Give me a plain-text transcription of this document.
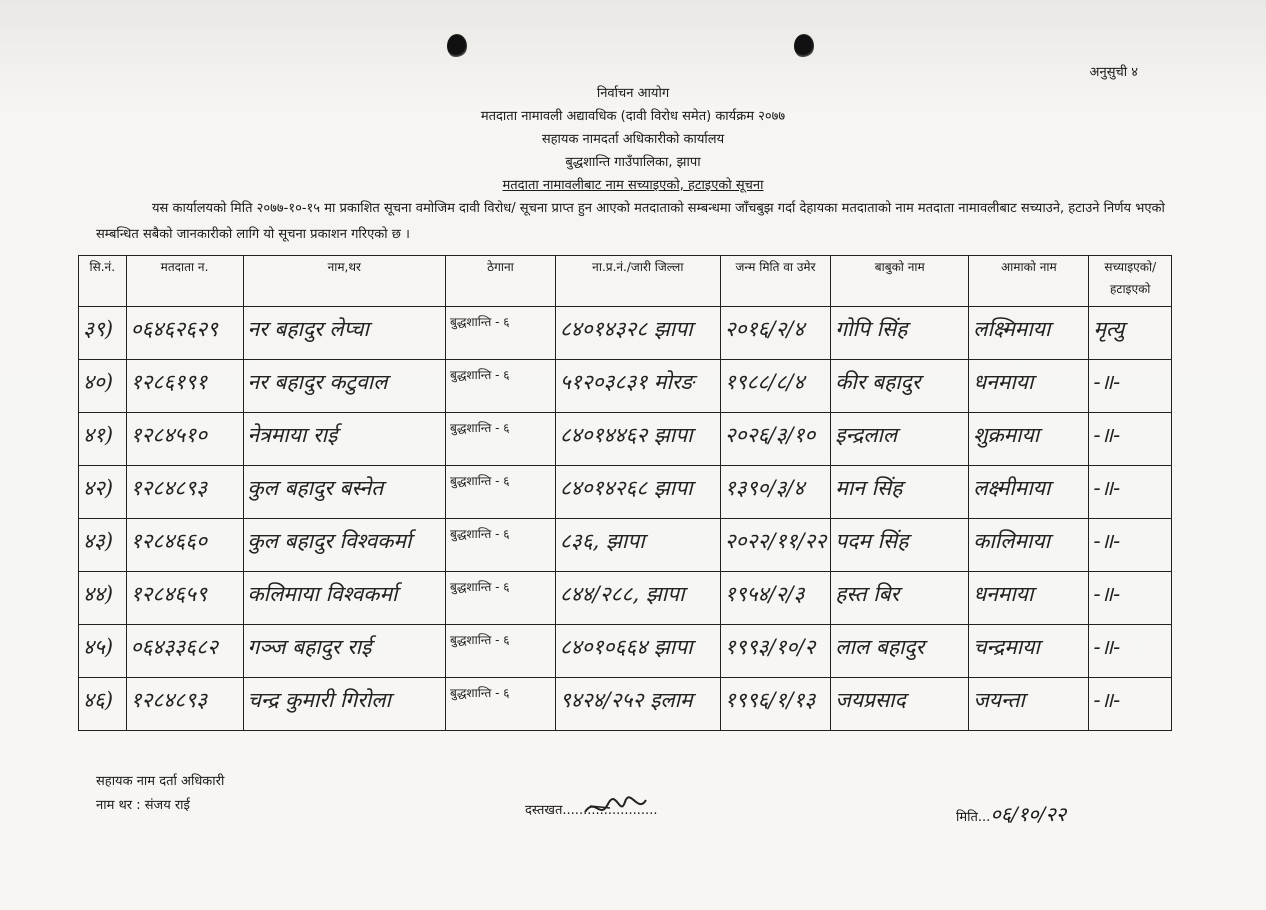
अनुसुची ४
निर्वाचन आयोग
मतदाता नामावली अद्यावधिक (दावी विरोध समेत) कार्यक्रम २०७७
सहायक नामदर्ता अधिकारीको कार्यालय
बुद्धशान्ति गाउँपालिका, झापा
मतदाता नामावलीबाट नाम सच्याइएको, हटाइएको सूचना
यस कार्यालयको मिति २०७७-१०-१५ मा प्रकाशित सूचना वमोजिम दावी विरोध/ सूचना प्राप्त हुन आएको मतदाताको सम्बन्धमा जाँचबुझ गर्दा देहायका मतदाताको नाम मतदाता नामावलीबाट सच्याउने, हटाउने निर्णय भएको सम्बन्धित सबैको जानकारीको लागि यो सूचना प्रकाशन गरिएको छ ।
सि.नं.	मतदाता न.	नाम,थर	ठेगाना	ना.प्र.नं./जारी जिल्ला	जन्म मिति वा उमेर	बाबुको नाम	आमाको नाम	सच्याइएको/ हटाइएको

३९)	०६४६२६२९	नर बहादुर लेप्चा	बुद्धशान्ति - ६	८४०१४३२८ झापा	२०१६/२/४	गोपि सिंह	लक्ष्मिमाया	मृत्यु

४०)	१२८६१९१	नर बहादुर कटुवाल	बुद्धशान्ति - ६	५१२०३८३१ मोरङ	१९८८/८/४	कीर बहादुर	धनमाया	-॥-

४१)	१२८४५१०	नेत्रमाया राई	बुद्धशान्ति - ६	८४०१४४६२ झापा	२०२६/३/१०	इन्द्रलाल	शुक्रमाया	-॥-

४२)	१२८४८९३	कुल बहादुर बस्नेत	बुद्धशान्ति - ६	८४०१४२६८ झापा	१३९०/३/४	मान सिंह	लक्ष्मीमाया	-॥-

४३)	१२८४६६०	कुल बहादुर विश्वकर्मा	बुद्धशान्ति - ६	८३६, झापा	२०२२/११/२२	पदम सिंह	कालिमाया	-॥-

४४)	१२८४६५९	कलिमाया विश्वकर्मा	बुद्धशान्ति - ६	८४४/२८८, झापा	१९५४/२/३	हस्त बिर	धनमाया	-॥-

४५)	०६४३३६८२	गञ्ज बहादुर राई	बुद्धशान्ति - ६	८४०१०६६४ झापा	१९९३/१०/२	लाल बहादुर	चन्द्रमाया	-॥-

४६)	१२८४८९३	चन्द्र कुमारी गिरोला	बुद्धशान्ति - ६	९४२४/२५२ इलाम	१९९६/१/१३	जयप्रसाद	जयन्ता	-॥-
सहायक नाम दर्ता अधिकारी
नाम थर : संजय राई	दस्तखत.......................	मिति...०६/१०/२२
